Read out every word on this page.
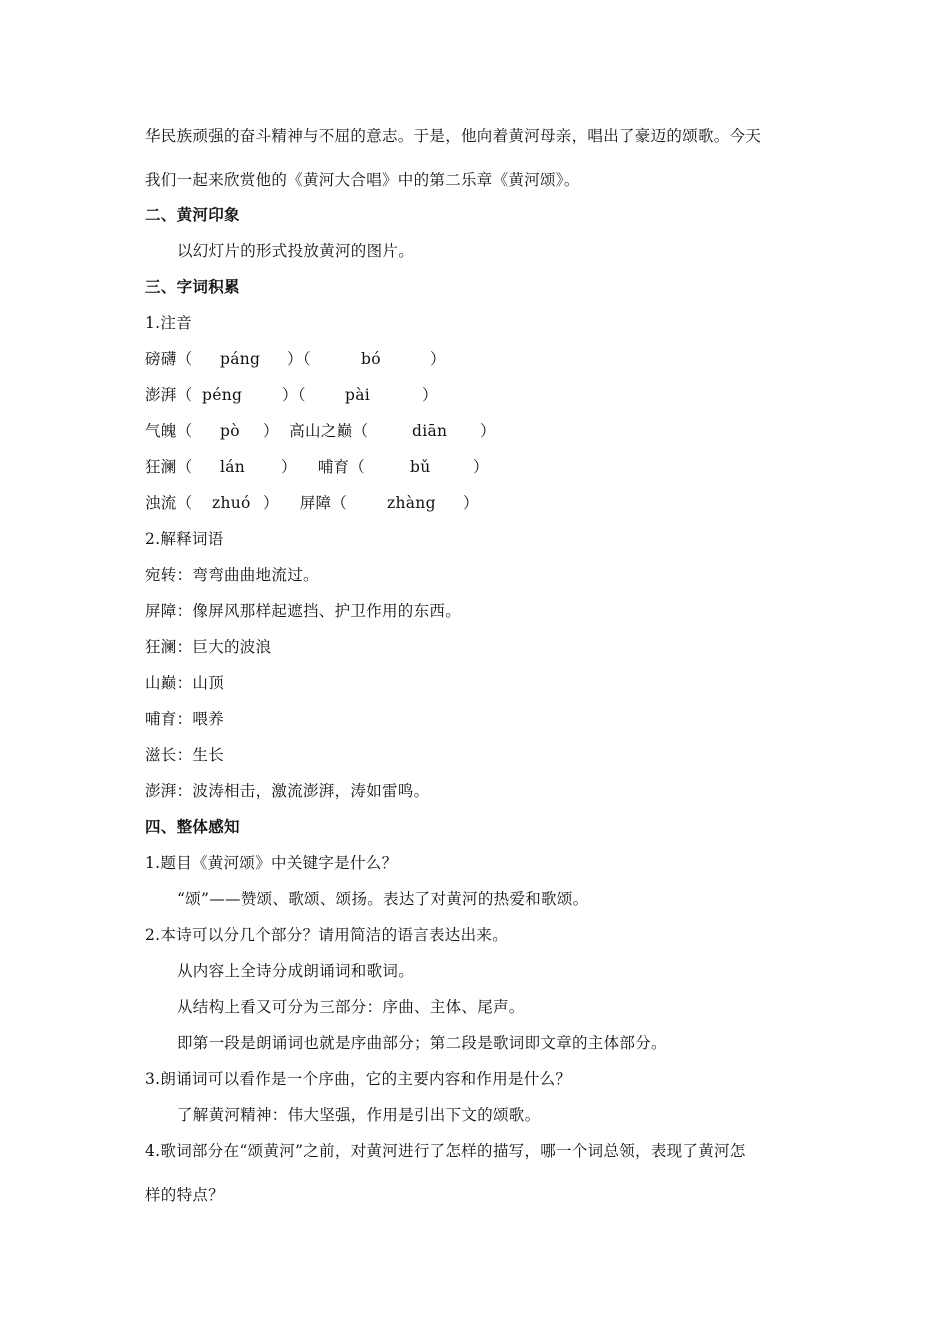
华民族顽强的奋斗精神与不屈的意志。于是，他向着黄河母亲，唱出了豪迈的颂歌。今天
我们一起来欣赏他的《黄河大合唱》中的第二乐章《黄河颂》。
二、黄河印象
以幻灯片的形式投放黄河的图片。
三、字词积累
1.注音
磅礴（ páng ）（	bó	）
澎湃（ péng	）（	pài	）
气魄（ pò ）  高山之巅（	diān ）
狂澜（ lán ）    哺育（	bǔ	）
浊流（ zhuó ）    屏障（	zhàng ）
2.解释词语
宛转：弯弯曲曲地流过。
屏障：像屏风那样起遮挡、护卫作用的东西。
狂澜：巨大的波浪
山巅：山顶
哺育：喂养
滋长：生长
澎湃：波涛相击，激流澎湃，涛如雷鸣。
四、整体感知
1.题目《黄河颂》中关键字是什么？
“颂”——赞颂、歌颂、颂扬。表达了对黄河的热爱和歌颂。
2.本诗可以分几个部分？请用简洁的语言表达出来。
从内容上全诗分成朗诵词和歌词。
从结构上看又可分为三部分：序曲、主体、尾声。
即第一段是朗诵词也就是序曲部分；第二段是歌词即文章的主体部分。
3.朗诵词可以看作是一个序曲，它的主要内容和作用是什么？
了解黄河精神：伟大坚强，作用是引出下文的颂歌。
4.歌词部分在“颂黄河”之前，对黄河进行了怎样的描写，哪一个词总领，表现了黄河怎
样的特点？
